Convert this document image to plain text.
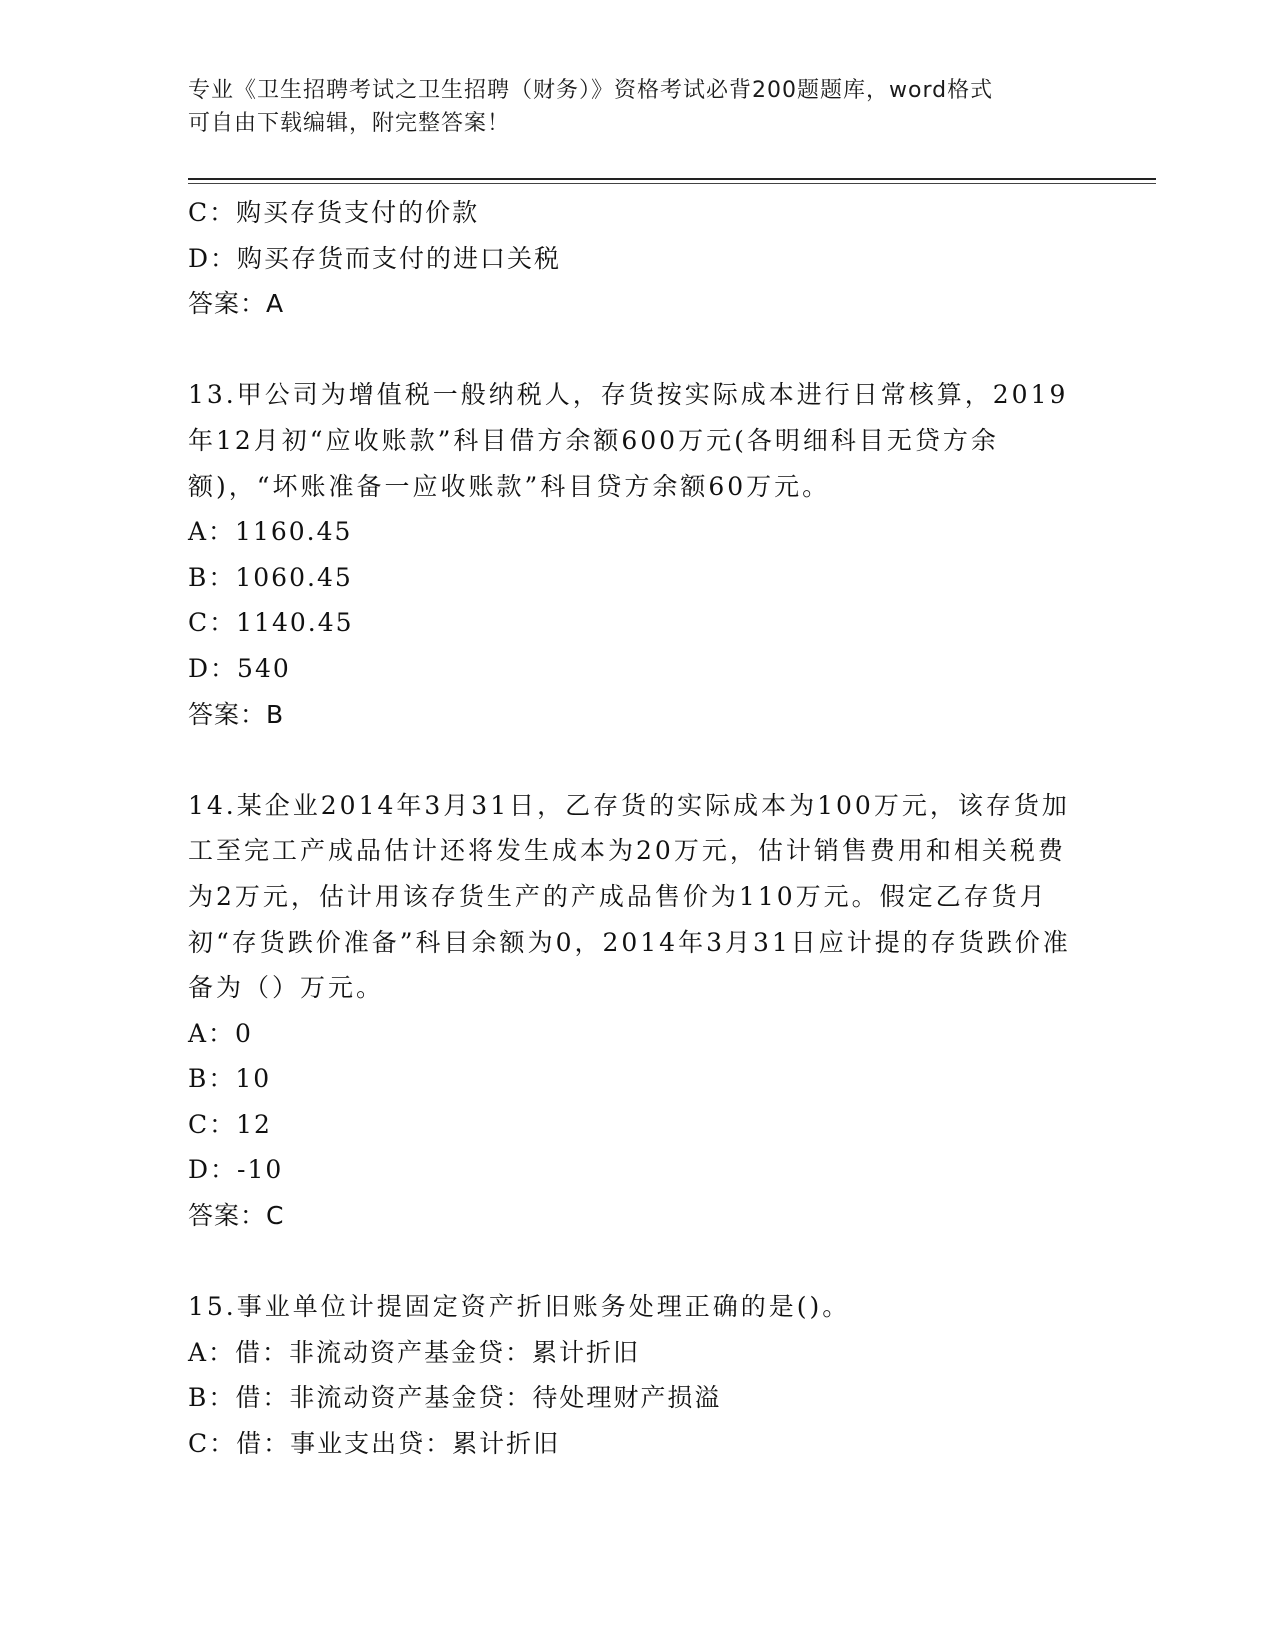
专业《卫生招聘考试之卫生招聘（财务）》资格考试必背200题题库，word格式
可自由下载编辑，附完整答案！
C：购买存货支付的价款
D：购买存货而支付的进口关税
答案：A
13.甲公司为增值税一般纳税人，存货按实际成本进行日常核算，2019年12月初“应收账款”科目借方余额600万元(各明细科目无贷方余额)，“坏账准备一应收账款”科目贷方余额60万元。
A：1160.45
B：1060.45
C：1140.45
D：540
答案：B
14.某企业2014年3月31日，乙存货的实际成本为100万元，该存货加工至完工产成品估计还将发生成本为20万元，估计销售费用和相关税费为2万元，估计用该存货生产的产成品售价为110万元。假定乙存货月初“存货跌价准备”科目余额为0，2014年3月31日应计提的存货跌价准备为（）万元。
A：0
B：10
C：12
D：-10
答案：C
15.事业单位计提固定资产折旧账务处理正确的是()。
A：借：非流动资产基金贷：累计折旧
B：借：非流动资产基金贷：待处理财产损溢
C：借：事业支出贷：累计折旧
